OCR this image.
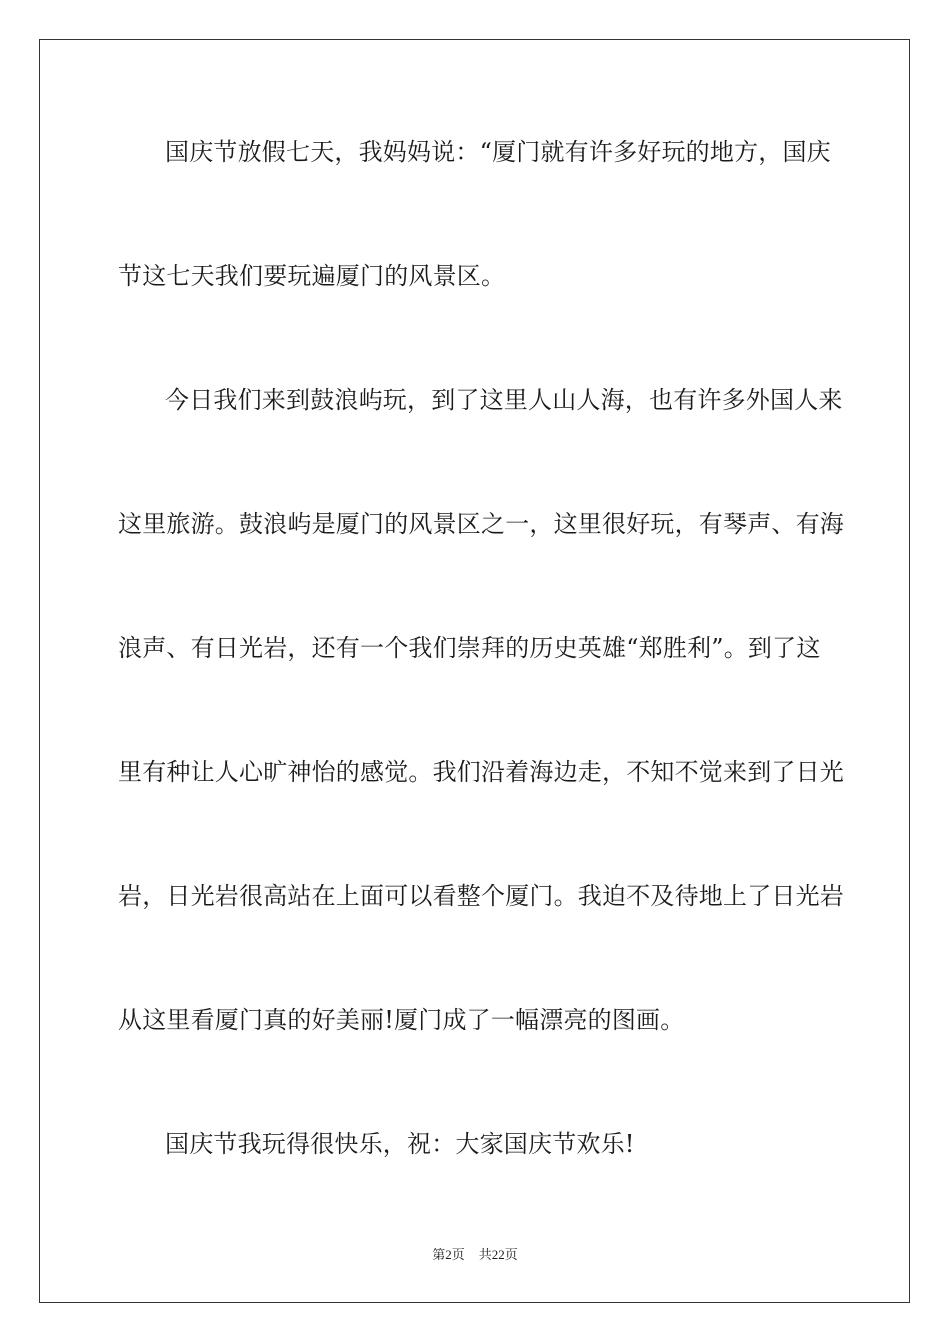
国庆节放假七天，我妈妈说：“厦门就有许多好玩的地方，国庆
节这七天我们要玩遍厦门的风景区。
今日我们来到鼓浪屿玩，到了这里人山人海，也有许多外国人来
这里旅游。鼓浪屿是厦门的风景区之一，这里很好玩，有琴声、有海
浪声、有日光岩，还有一个我们崇拜的历史英雄“郑胜利”。到了这
里有种让人心旷神怡的感觉。我们沿着海边走，不知不觉来到了日光
岩，日光岩很高站在上面可以看整个厦门。我迫不及待地上了日光岩
从这里看厦门真的好美丽!厦门成了一幅漂亮的图画。
国庆节我玩得很快乐，祝：大家国庆节欢乐!
第2页 共22页
